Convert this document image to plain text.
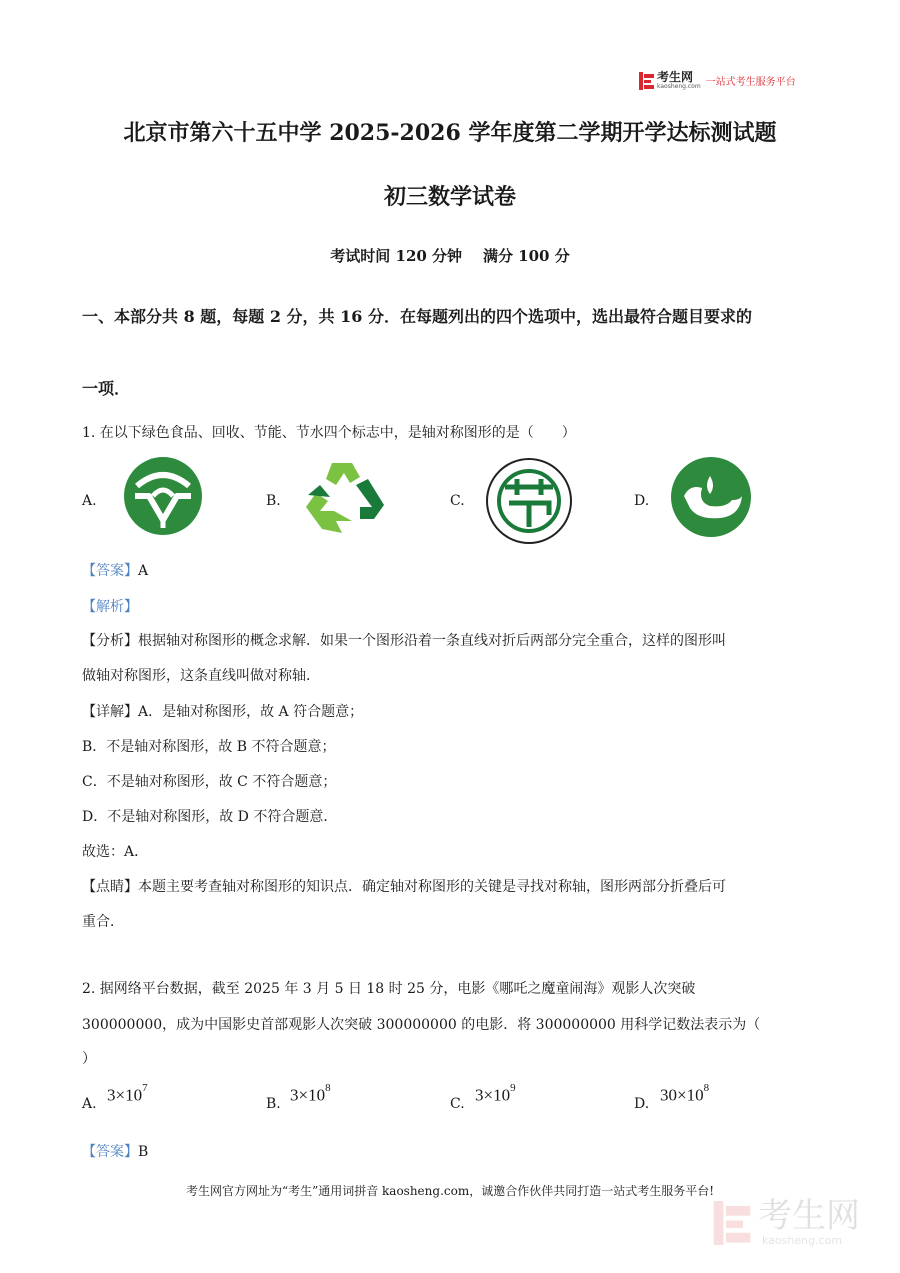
考生网
kaosheng.com 一站式考生服务平台
北京市第六十五中学 2025-2026 学年度第二学期开学达标测试题
初三数学试卷
考试时间 120 分钟    满分 100 分
一、本部分共 8 题，每题 2 分，共 16 分．在每题列出的四个选项中，选出最符合题目要求的
一项．
1. 在以下绿色食品、回收、节能、节水四个标志中，是轴对称图形的是（　　）
A.	B.	C.	D.
【答案】A
【解析】
【分析】根据轴对称图形的概念求解．如果一个图形沿着一条直线对折后两部分完全重合，这样的图形叫
做轴对称图形，这条直线叫做对称轴．
【详解】A．是轴对称图形，故 A 符合题意；
B．不是轴对称图形，故 B 不符合题意；
C．不是轴对称图形，故 C 不符合题意；
D．不是轴对称图形，故 D 不符合题意．
故选：A．
【点睛】本题主要考查轴对称图形的知识点．确定轴对称图形的关键是寻找对称轴，图形两部分折叠后可
重合．
2. 据网络平台数据，截至 2025 年 3 月 5 日 18 时 25 分，电影《哪吒之魔童闹海》观影人次突破
300000000，成为中国影史首部观影人次突破 300000000 的电影．将 300000000 用科学记数法表示为（
）
A. $3\times 10^7$
B. $3\times 10^8$
C. $3\times 10^9$
D. $30\times 10^8$
【答案】B
考生网官方网址为“考生”通用词拼音 kaosheng.com，诚邀合作伙伴共同打造一站式考生服务平台!
考生网
kaosheng.com
